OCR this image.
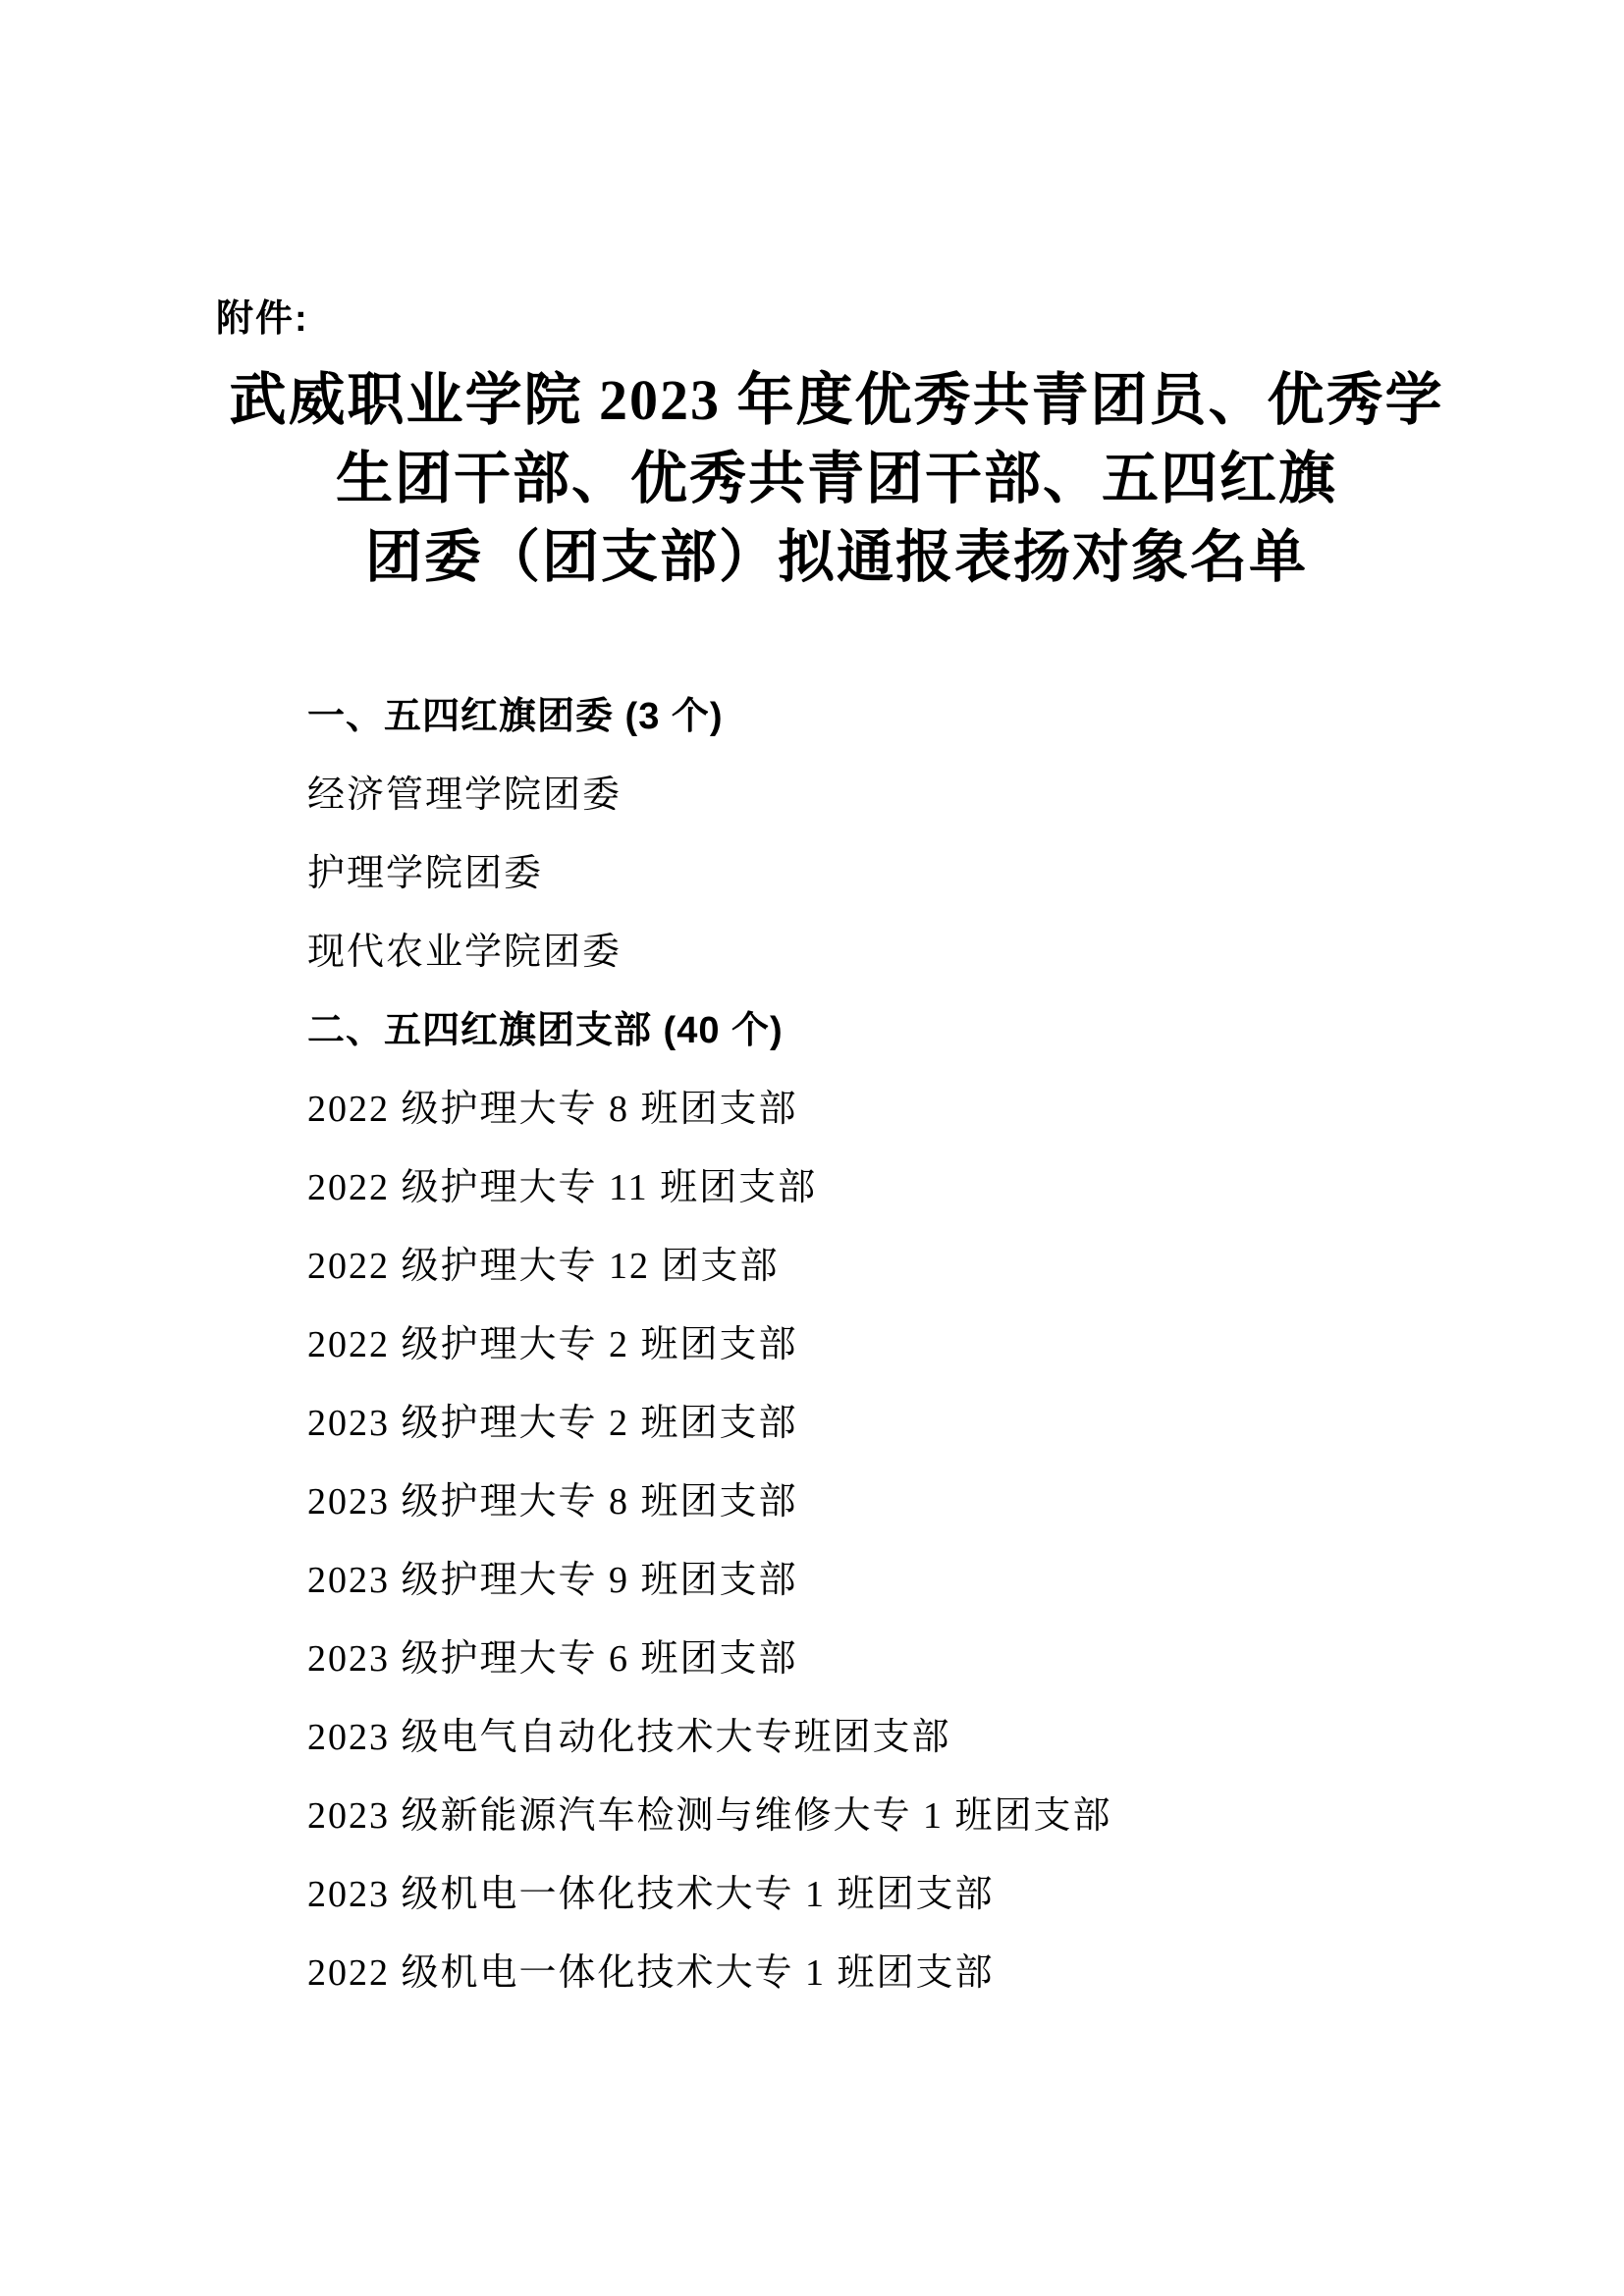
附件:
武威职业学院 2023 年度优秀共青团员、优秀学
生团干部、优秀共青团干部、五四红旗
团委（团支部）拟通报表扬对象名单
一、五四红旗团委 (3 个)
经济管理学院团委
护理学院团委
现代农业学院团委
二、五四红旗团支部 (40 个)
2022 级护理大专 8 班团支部
2022 级护理大专 11 班团支部
2022 级护理大专 12 团支部
2022 级护理大专 2 班团支部
2023 级护理大专 2 班团支部
2023 级护理大专 8 班团支部
2023 级护理大专 9 班团支部
2023 级护理大专 6 班团支部
2023 级电气自动化技术大专班团支部
2023 级新能源汽车检测与维修大专 1 班团支部
2023 级机电一体化技术大专 1 班团支部
2022 级机电一体化技术大专 1 班团支部
